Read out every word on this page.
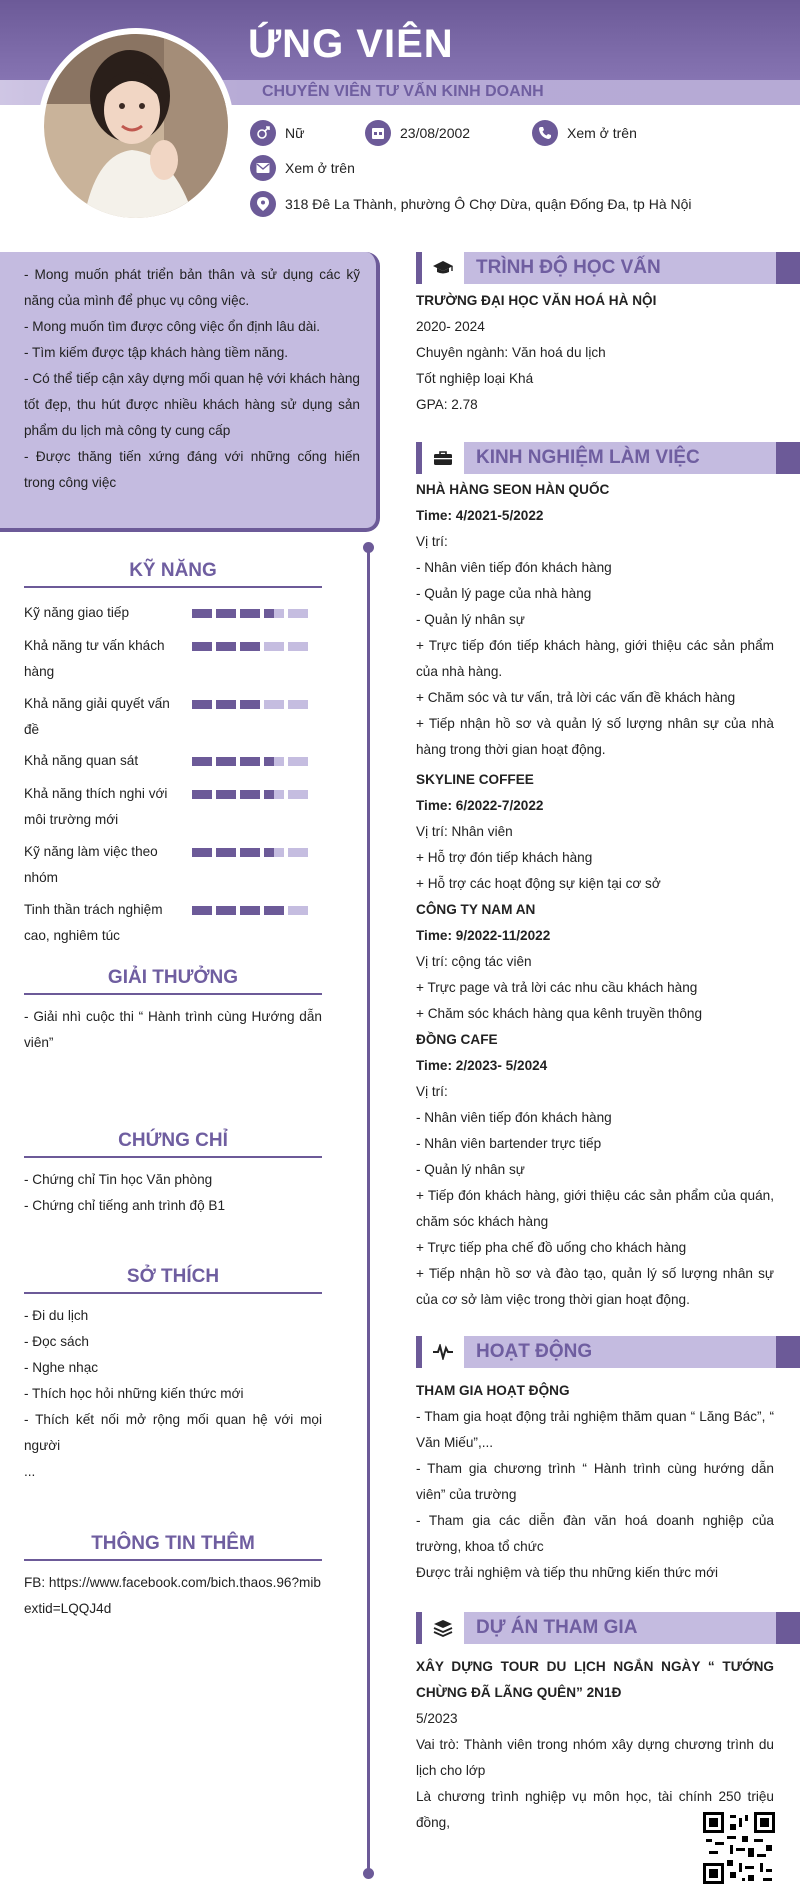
ỨNG VIÊN
CHUYÊN VIÊN TƯ VẤN KINH DOANH
Nữ	23/08/2002	Xem ở trên
Xem ở trên
318 Đê La Thành, phường Ô Chợ Dừa, quận Đống Đa, tp Hà Nội

- Mong muốn phát triển bản thân và sử dụng các kỹ năng của mình để phục vụ công việc.

- Mong muốn tìm được công việc ổn định lâu dài.

- Tìm kiếm được tập khách hàng tiềm năng.

- Có thể tiếp cận xây dựng mối quan hệ với khách hàng tốt đẹp, thu hút được nhiều khách hàng sử dụng sản phẩm du lịch mà công ty cung cấp

- Được thăng tiến xứng đáng với những cống hiến trong công việc

KỸ NĂNG
Kỹ năng giao tiếp
Khả năng tư vấn khách hàng
Khả năng giải quyết vấn đề
Khả năng quan sát
Khả năng thích nghi với môi trường mới
Kỹ năng làm việc theo nhóm
Tinh thần trách nghiệm cao, nghiêm túc
GIẢI THƯỞNG
- Giải nhì cuộc thi “ Hành trình cùng Hướng dẫn viên”
CHỨNG CHỈ
- Chứng chỉ Tin học Văn phòng
- Chứng chỉ tiếng anh trình độ B1
SỞ THÍCH
- Đi du lịch
- Đọc sách
- Nghe nhạc
- Thích học hỏi những kiến thức mới
- Thích kết nối mở rộng mối quan hệ với mọi người
...
THÔNG TIN THÊM
FB: https://www.facebook.com/bich.thaos.96?mibextid=LQQJ4d
TRÌNH ĐỘ HỌC VẤN
TRƯỜNG ĐẠI HỌC VĂN HOÁ HÀ NỘI
2020- 2024
Chuyên ngành: Văn hoá du lịch
Tốt nghiệp loại Khá
GPA: 2.78
KINH NGHIỆM LÀM VIỆC
NHÀ HÀNG SEON HÀN QUỐC
Time: 4/2021-5/2022
Vị trí:
- Nhân viên tiếp đón khách hàng
- Quản lý page của nhà hàng
- Quản lý nhân sự
+ Trực tiếp đón tiếp khách hàng, giới thiệu các sản phẩm của nhà hàng.
+ Chăm sóc và tư vấn, trả lời các vấn đề khách hàng
+ Tiếp nhận hồ sơ và quản lý số lượng nhân sự của nhà hàng trong thời gian hoạt động.
SKYLINE COFFEE
Time: 6/2022-7/2022
Vị trí: Nhân viên
+ Hỗ trợ đón tiếp khách hàng
+ Hỗ trợ các hoạt động sự kiện tại cơ sở
CÔNG TY NAM AN
Time: 9/2022-11/2022
Vị trí: cộng tác viên
+ Trực page và trả lời các nhu cầu khách hàng
+ Chăm sóc khách hàng qua kênh truyền thông
ĐỒNG CAFE
Time: 2/2023- 5/2024
Vị trí:
- Nhân viên tiếp đón khách hàng
- Nhân viên bartender trực tiếp
- Quản lý nhân sự
+ Tiếp đón khách hàng, giới thiệu các sản phẩm của quán, chăm sóc khách hàng
+ Trực tiếp pha chế đồ uống cho khách hàng
+ Tiếp nhận hồ sơ và đào tạo, quản lý số lượng nhân sự của cơ sở làm việc trong thời gian hoạt động.
HOẠT ĐỘNG
THAM GIA HOẠT ĐỘNG
- Tham gia hoạt động trải nghiệm thăm quan “ Lăng Bác”, “ Văn Miếu”,...
- Tham gia chương trình “ Hành trình cùng hướng dẫn viên” của trường
- Tham gia các diễn đàn văn hoá doanh nghiệp của trường, khoa tổ chức
Được trải nghiệm và tiếp thu những kiến thức mới
DỰ ÁN THAM GIA
XÂY DỰNG TOUR DU LỊCH NGẮN NGÀY “ TƯỚNG CHỪNG ĐÃ LÃNG QUÊN” 2N1Đ
5/2023
Vai trò: Thành viên trong nhóm xây dựng chương trình du lịch cho lớp
Là chương trình nghiệp vụ môn học, tài chính 250 triệu đồng,
